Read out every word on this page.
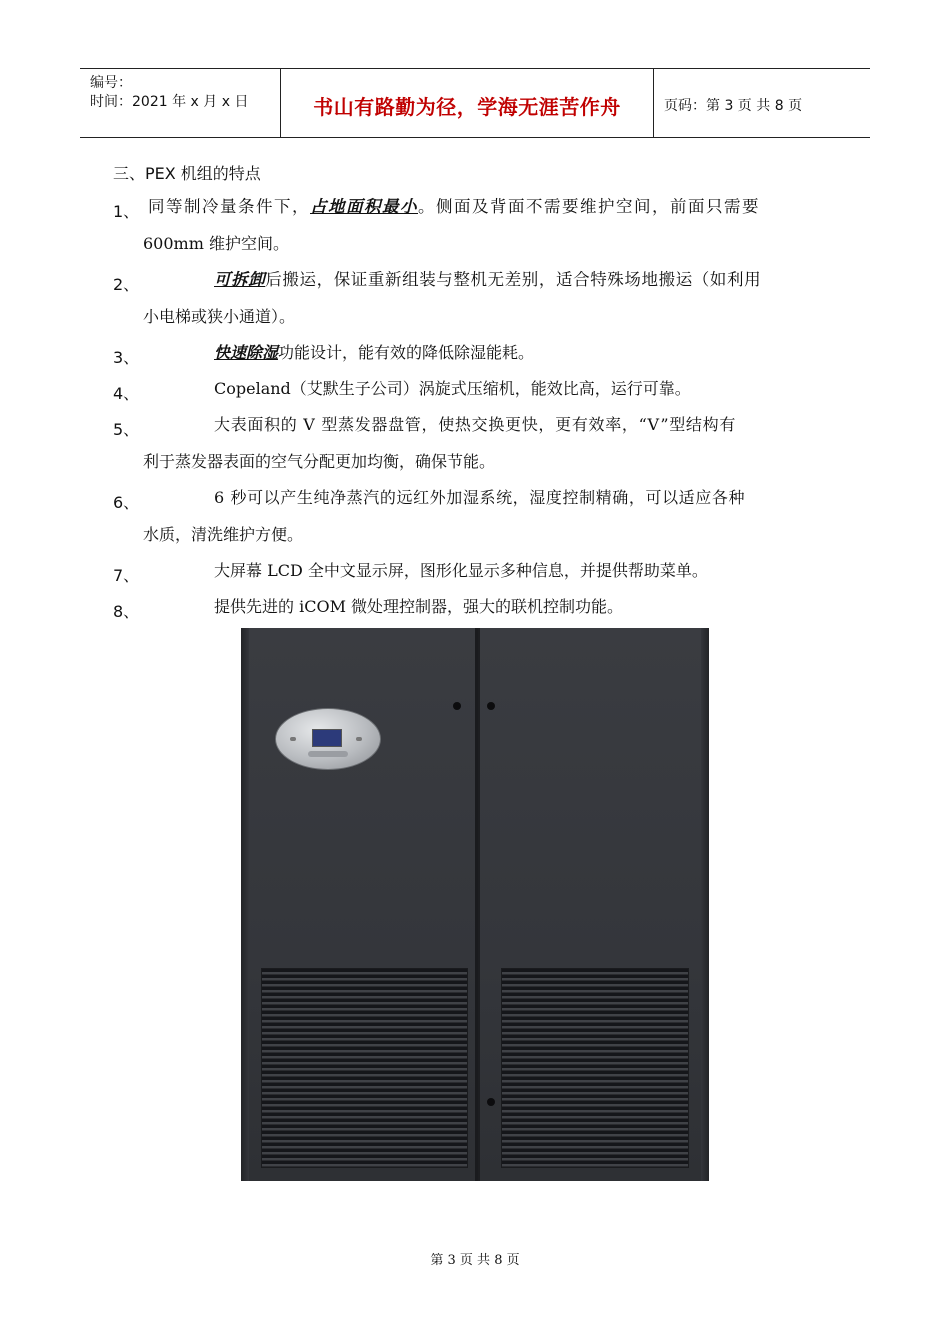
编号：
时间：2021 年 x 月 x 日	书山有路勤为径，学海无涯苦作舟	页码：第 3 页 共 8 页
三、PEX 机组的特点
1、 同等制冷量条件下，占地面积最小。侧面及背面不需要维护空间，前面只需要
600mm 维护空间。
2、	可拆卸后搬运，保证重新组装与整机无差别，适合特殊场地搬运（如利用
小电梯或狭小通道）。
3、	快速除湿功能设计，能有效的降低除湿能耗。
4、	Copeland（艾默生子公司）涡旋式压缩机，能效比高，运行可靠。
5、	大表面积的 V 型蒸发器盘管，使热交换更快，更有效率，“V”型结构有
利于蒸发器表面的空气分配更加均衡，确保节能。
6、	6 秒可以产生纯净蒸汽的远红外加湿系统，湿度控制精确，可以适应各种
水质，清洗维护方便。
7、	大屏幕 LCD 全中文显示屏，图形化显示多种信息，并提供帮助菜单。
8、	提供先进的 iCOM 微处理控制器，强大的联机控制功能。
第 3 页 共 8 页
